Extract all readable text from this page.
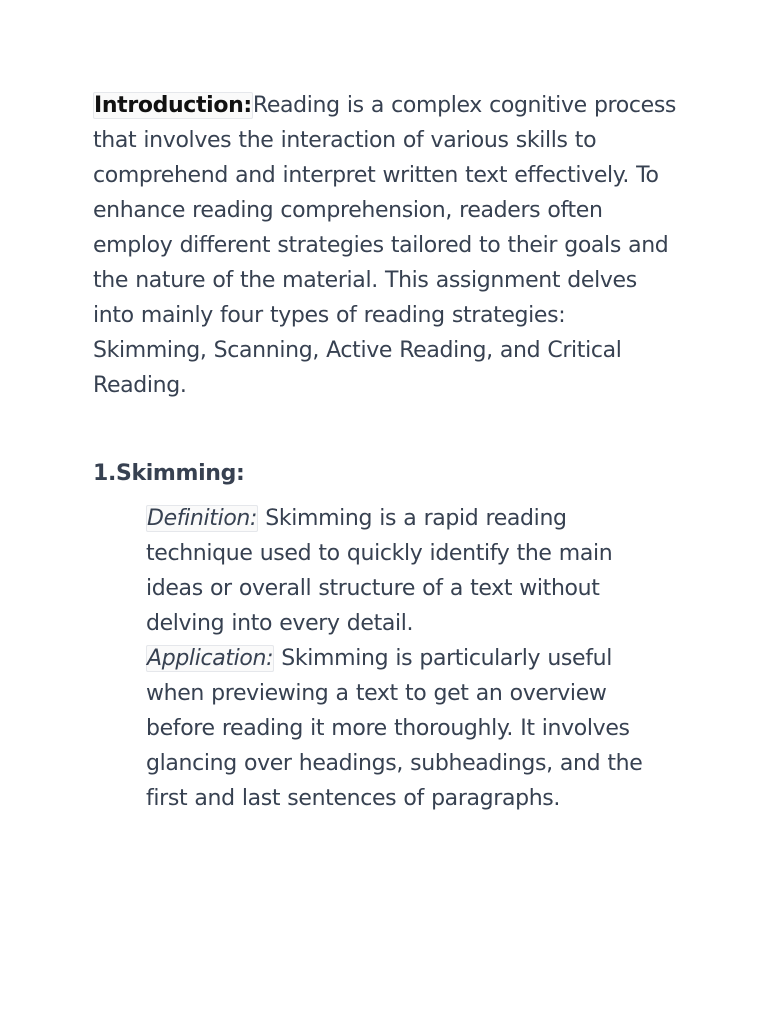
Introduction:Reading is a complex cognitive process that involves the interaction of various skills to comprehend and interpret written text effectively. To enhance reading comprehension, readers often employ different strategies tailored to their goals and the nature of the material. This assignment delves into mainly four types of reading strategies: Skimming, Scanning, Active Reading, and Critical Reading.

1.Skimming:

Definition: Skimming is a rapid reading technique used to quickly identify the main ideas or overall structure of a text without delving into every detail.

Application: Skimming is particularly useful when previewing a text to get an overview before reading it more thoroughly. It involves glancing over headings, subheadings, and the first and last sentences of paragraphs.
